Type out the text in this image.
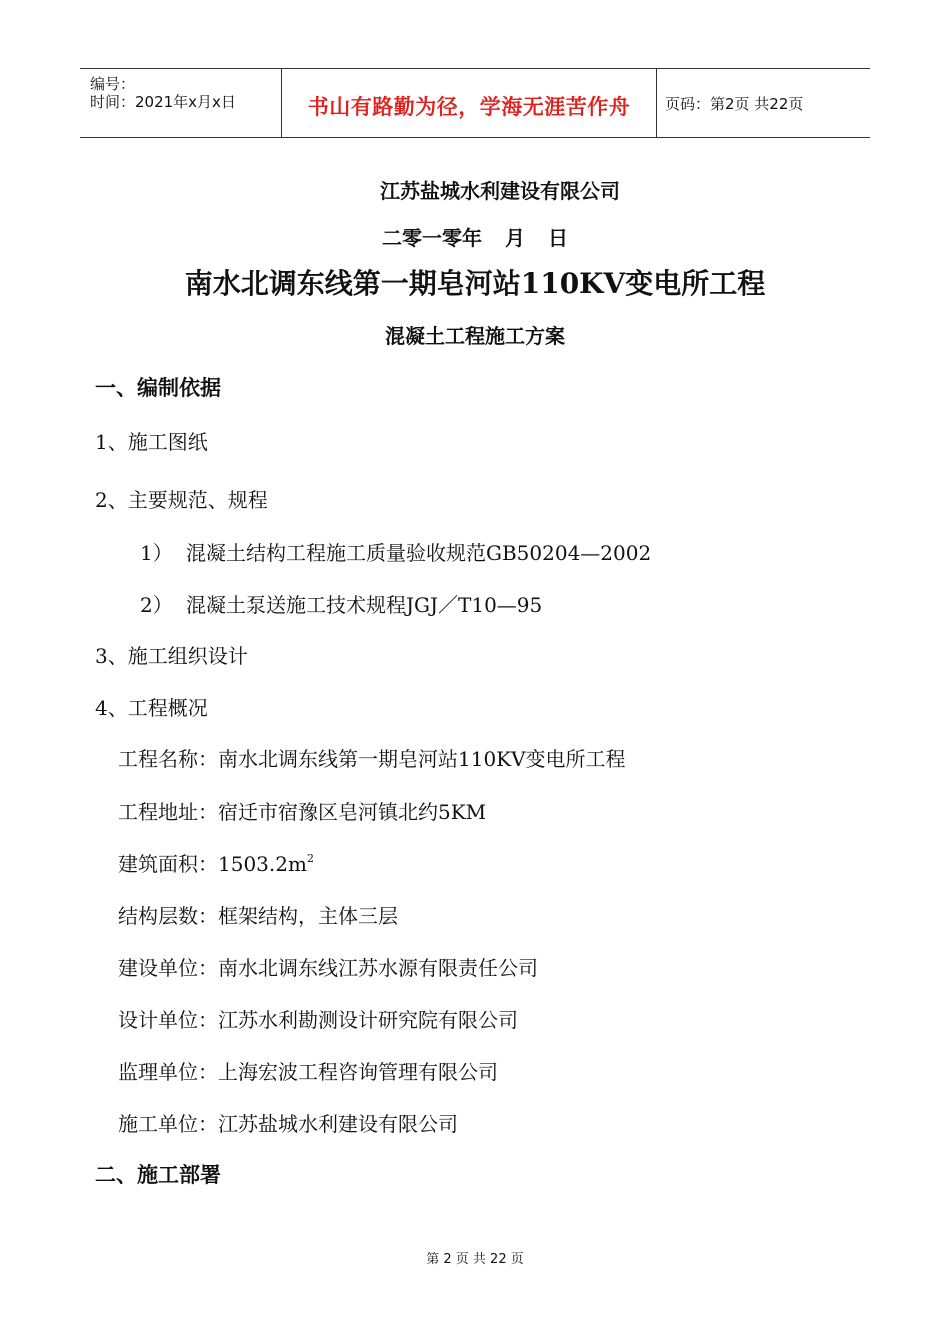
编号：
时间：2021年x月x日	书山有路勤为径，学海无涯苦作舟	页码：第2页 共22页
江苏盐城水利建设有限公司
二零一零年 月 日
南水北调东线第一期皂河站110KV变电所工程
混凝土工程施工方案
一、编制依据
1、施工图纸
2、主要规范、规程
1） 混凝土结构工程施工质量验收规范GB50204—2002
2） 混凝土泵送施工技术规程JGJ／T10—95
3、施工组织设计
4、工程概况
工程名称：南水北调东线第一期皂河站110KV变电所工程
工程地址：宿迁市宿豫区皂河镇北约5KM
建筑面积：$1503.2m^2$
结构层数：框架结构，主体三层
建设单位：南水北调东线江苏水源有限责任公司
设计单位：江苏水利勘测设计研究院有限公司
监理单位：上海宏波工程咨询管理有限公司
施工单位：江苏盐城水利建设有限公司
二、施工部署
第 2 页 共 22 页
